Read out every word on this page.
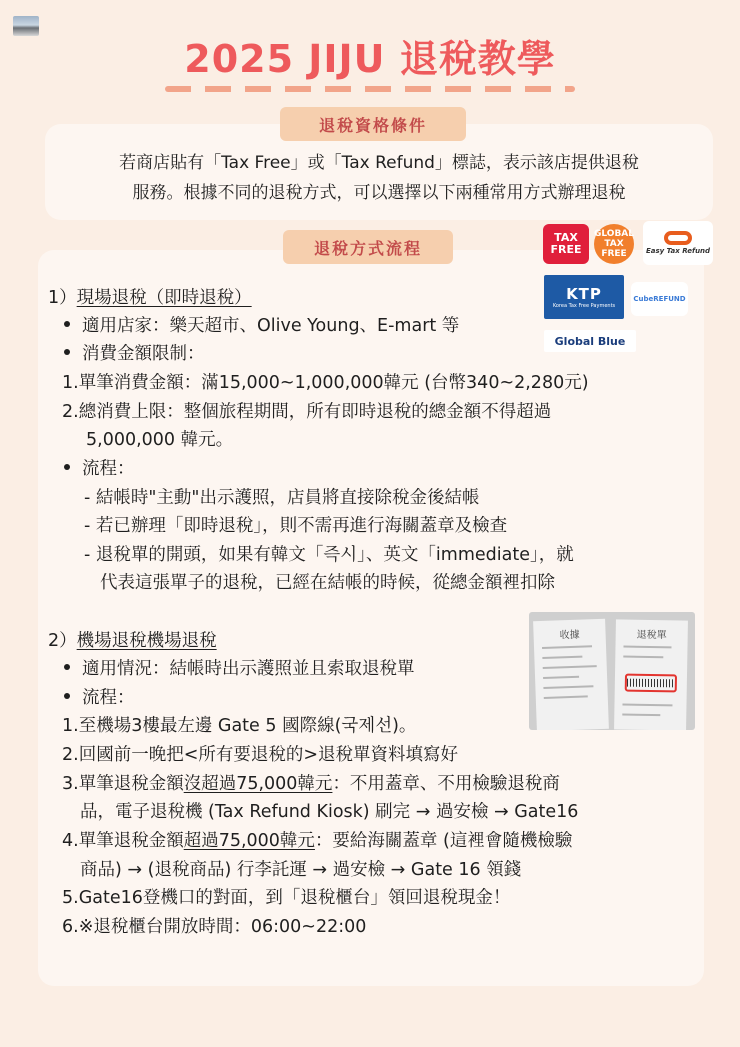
2025 JIJU 退稅教學
退稅資格條件
若商店貼有「Tax Free」或「Tax Refund」標誌，表示該店提供退稅
服務。根據不同的退稅方式，可以選擇以下兩種常用方式辦理退稅
退稅方式流程
TAX FREE
GLOBAL TAX FREE	Easy Tax Refund
KTP
Korea Tax Free Payments
CubeREFUND
Global Blue
收據	退稅單
1）現場退稅（即時退稅）
適用店家：樂天超市、Olive Young、E-mart 等
消費金額限制：
1.單筆消費金額：滿15,000~1,000,000韓元 (台幣340~2,280元)
2.總消費上限：整個旅程期間，所有即時退稅的總金額不得超過
5,000,000 韓元。
流程：
- 結帳時"主動"出示護照，店員將直接除稅金後結帳
- 若已辦理「即時退稅」，則不需再進行海關蓋章及檢查
- 退稅單的開頭，如果有韓文「즉시」、英文「immediate」，就
代表這張單子的退稅，已經在結帳的時候，從總金額裡扣除
2）機場退稅機場退稅
適用情況：結帳時出示護照並且索取退稅單
流程：
1.至機場3樓最左邊 Gate 5 國際線(국제선)。
2.回國前一晚把<所有要退稅的>退稅單資料填寫好
3.單筆退稅金額沒超過75,000韓元：不用蓋章、不用檢驗退稅商
品，電子退稅機 (Tax Refund Kiosk) 刷完 → 過安檢 → Gate16
4.單筆退稅金額超過75,000韓元：要給海關蓋章 (這裡會隨機檢驗
商品) → (退稅商品) 行李託運 → 過安檢 → Gate 16 領錢
5.Gate16登機口的對面，到「退稅櫃台」領回退稅現金！
6.※退稅櫃台開放時間：06:00~22:00
